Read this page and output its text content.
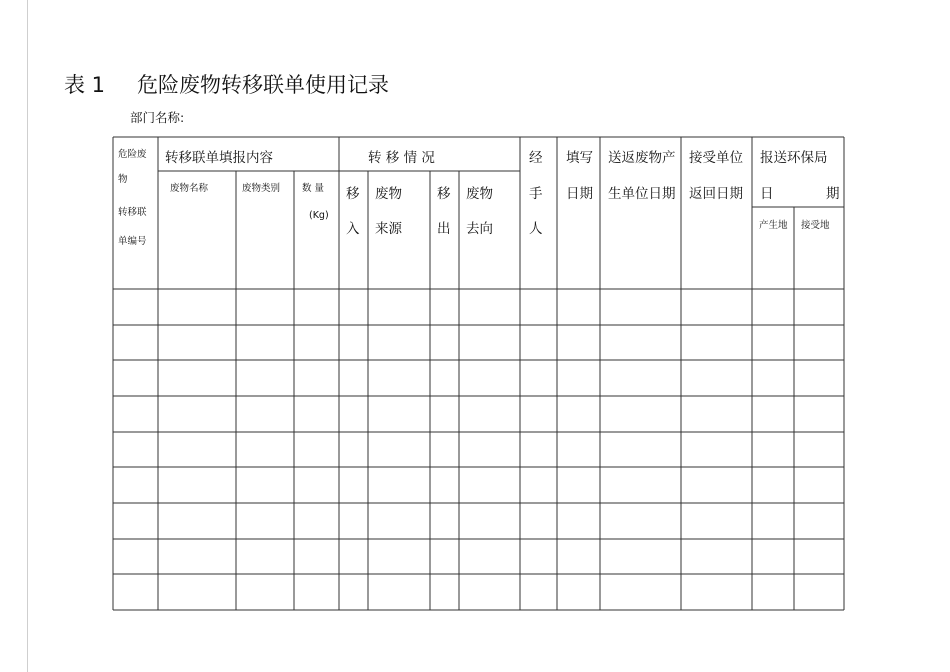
表 1 危险废物转移联单使用记录
部门名称:
危险废
物
转移联
单编号
转移联单填报内容
废物名称	废物类别 数 量
(Kg)
转 移 情 况
移
入
废物
来源
移
出
废物
去向
经
手
人
填写
日期
送返废物产
生单位日期
接受单位
返回日期
报送环保局
日	期
产生地 接受地
